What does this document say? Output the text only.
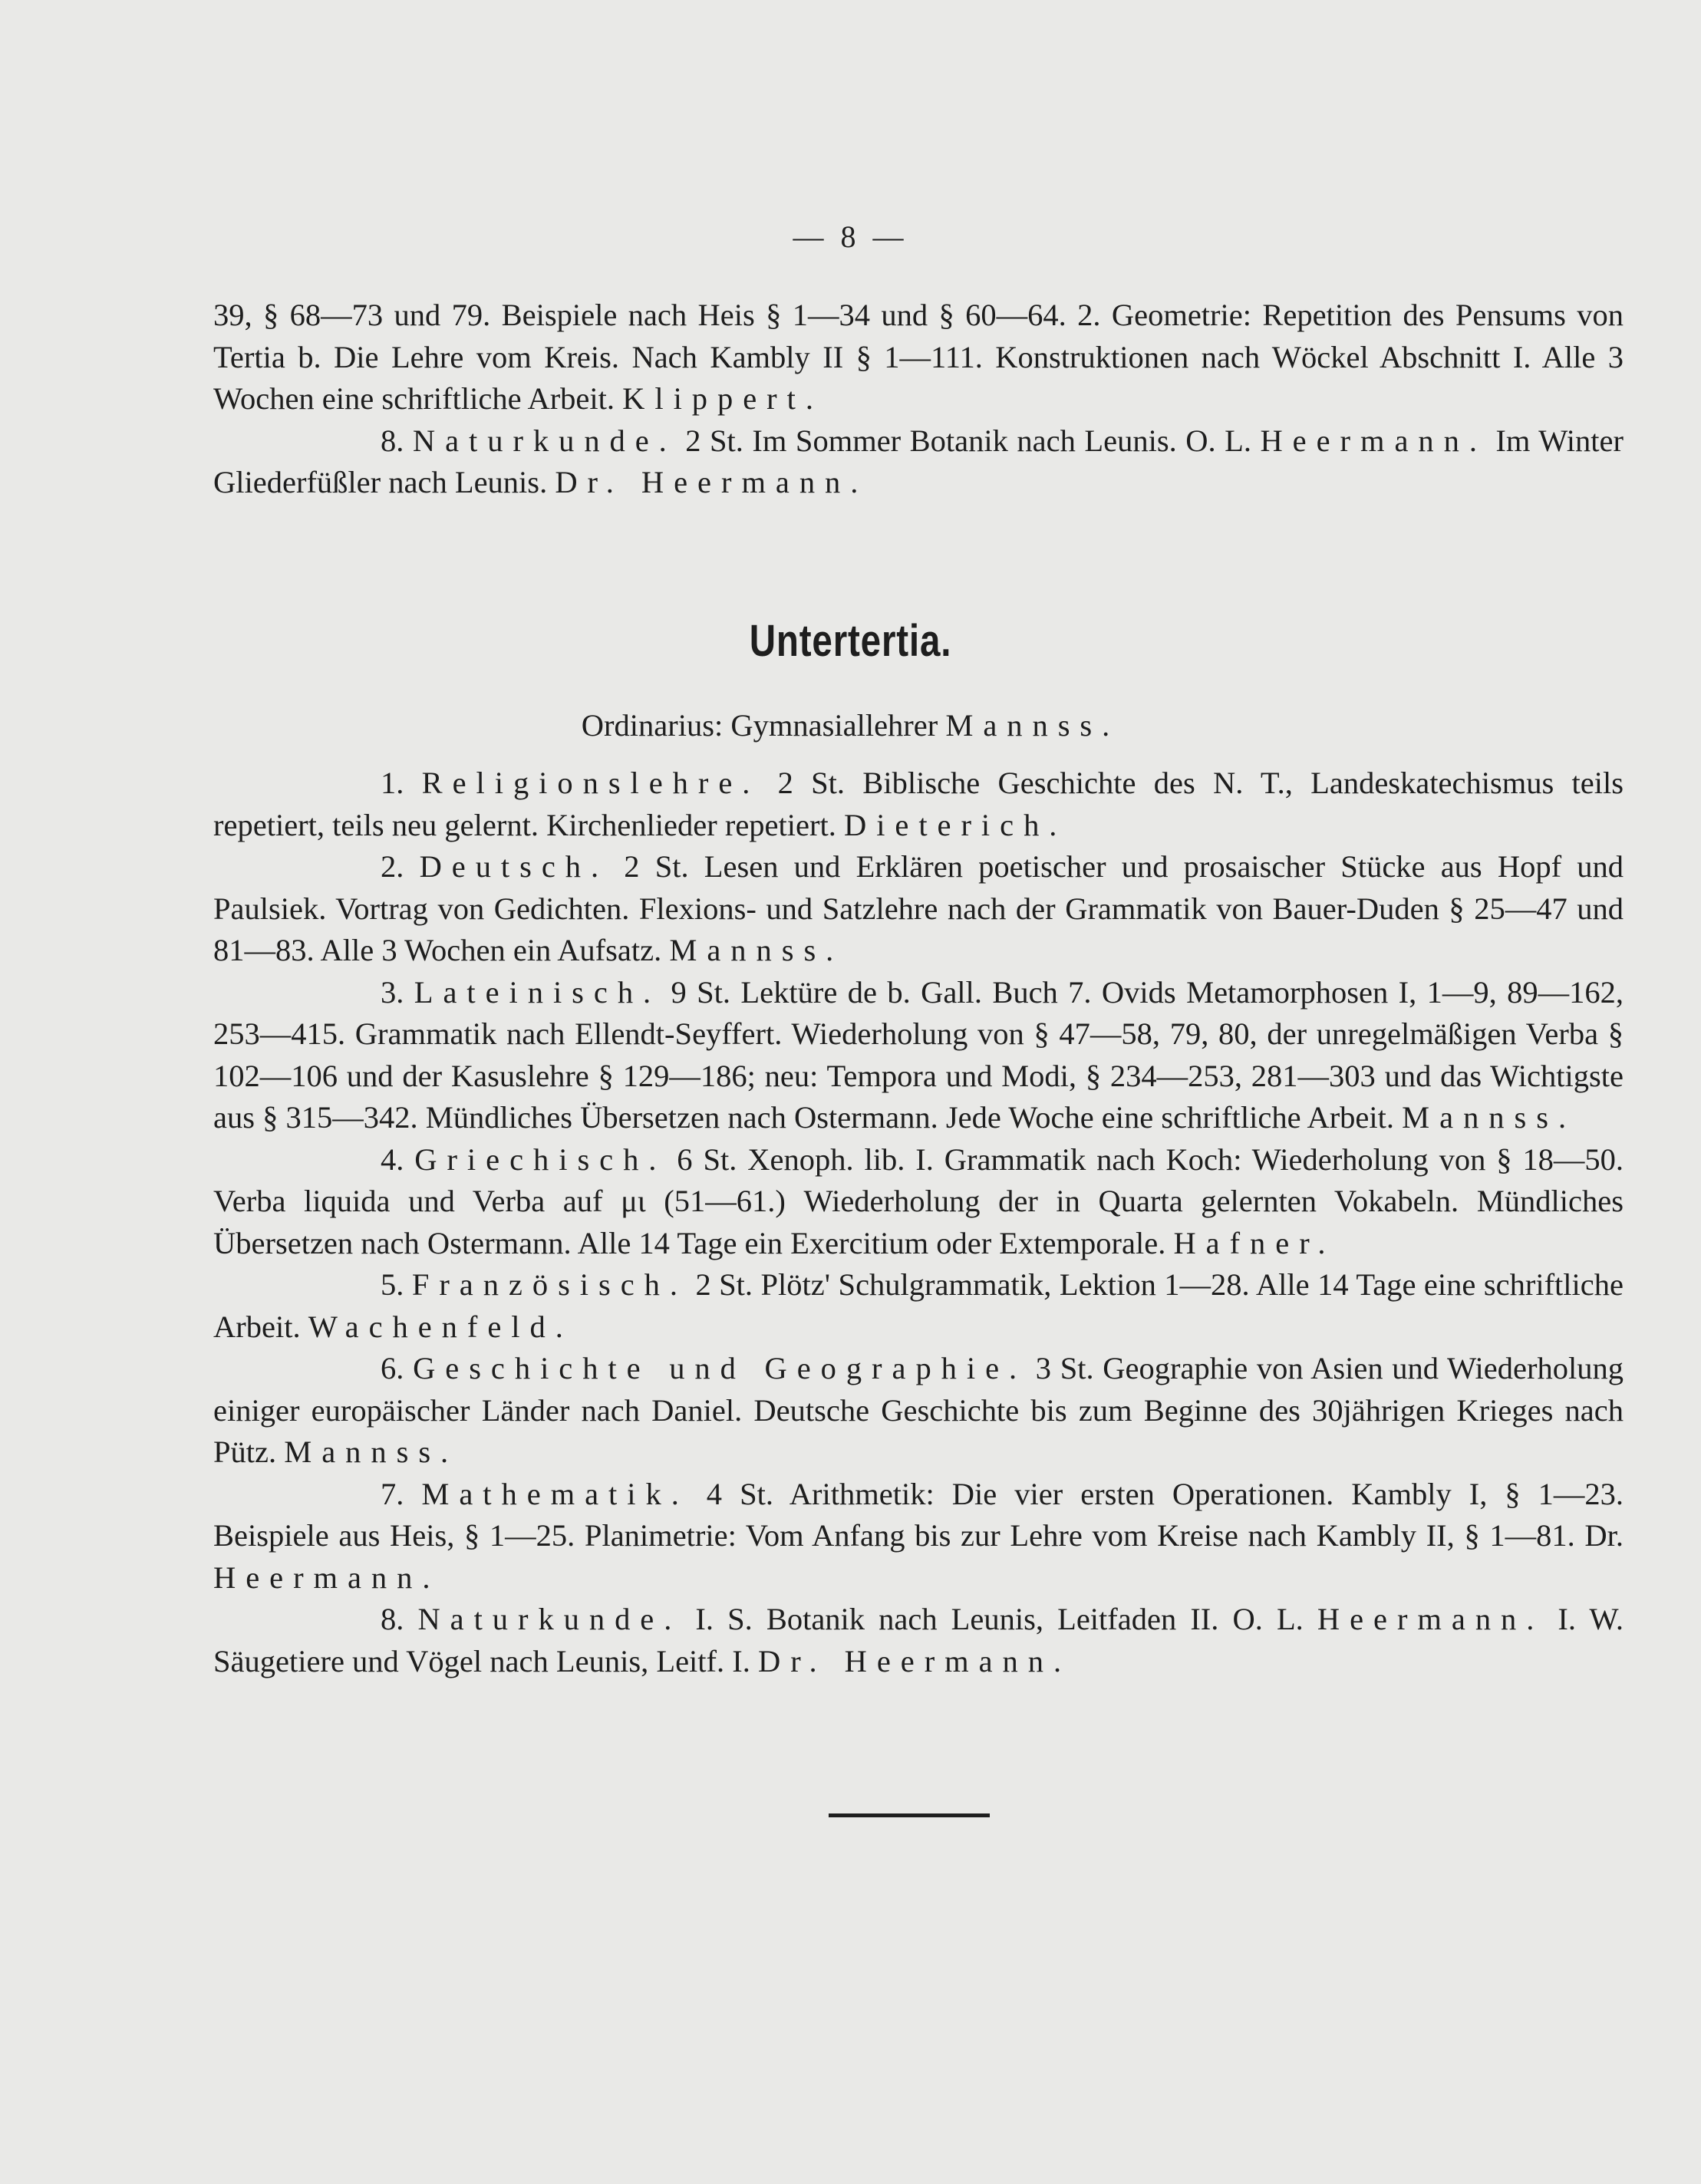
— 8 —

39, § 68—73 und 79. Beispiele nach Heis § 1—34 und § 60—64. 2. Geometrie: Repetition des Pensums von Tertia b. Die Lehre vom Kreis. Nach Kambly II § 1—111. Konstruktionen nach Wöckel Abschnitt I. Alle 3 Wochen eine schriftliche Arbeit. Klippert.

8. Naturkunde. 2 St. Im Sommer Botanik nach Leunis. O. L. Heermann. Im Winter Gliederfüßler nach Leunis. Dr. Heermann.

Untertertia.
Ordinarius: Gymnasiallehrer Mannss.

1. Religionslehre. 2 St. Biblische Geschichte des N. T., Landeskatechismus teils repetiert, teils neu gelernt. Kirchenlieder repetiert. Dieterich.

2. Deutsch. 2 St. Lesen und Erklären poetischer und prosaischer Stücke aus Hopf und Paulsiek. Vortrag von Gedichten. Flexions- und Satzlehre nach der Grammatik von Bauer-Duden § 25—47 und 81—83. Alle 3 Wochen ein Aufsatz. Mannss.

3. Lateinisch. 9 St. Lektüre de b. Gall. Buch 7. Ovids Metamorphosen I, 1—9, 89—162, 253—415. Grammatik nach Ellendt-Seyffert. Wiederholung von § 47—58, 79, 80, der unregelmäßigen Verba § 102—106 und der Kasuslehre § 129—186; neu: Tempora und Modi, § 234—253, 281—303 und das Wichtigste aus § 315—342. Mündliches Übersetzen nach Ostermann. Jede Woche eine schriftliche Arbeit. Mannss.

4. Griechisch. 6 St. Xenoph. lib. I. Grammatik nach Koch: Wiederholung von § 18—50. Verba liquida und Verba auf μι (51—61.) Wiederholung der in Quarta gelernten Vokabeln. Mündliches Übersetzen nach Ostermann. Alle 14 Tage ein Exercitium oder Extemporale. Hafner.

5. Französisch. 2 St. Plötz' Schulgrammatik, Lektion 1—28. Alle 14 Tage eine schriftliche Arbeit. Wachenfeld.

6. Geschichte und Geographie. 3 St. Geographie von Asien und Wiederholung einiger europäischer Länder nach Daniel. Deutsche Geschichte bis zum Beginne des 30jährigen Krieges nach Pütz. Mannss.

7. Mathematik. 4 St. Arithmetik: Die vier ersten Operationen. Kambly I, § 1—23. Beispiele aus Heis, § 1—25. Planimetrie: Vom Anfang bis zur Lehre vom Kreise nach Kambly II, § 1—81. Dr. Heermann.

8. Naturkunde. I. S. Botanik nach Leunis, Leitfaden II. O. L. Heermann. I. W. Säugetiere und Vögel nach Leunis, Leitf. I. Dr. Heermann.
